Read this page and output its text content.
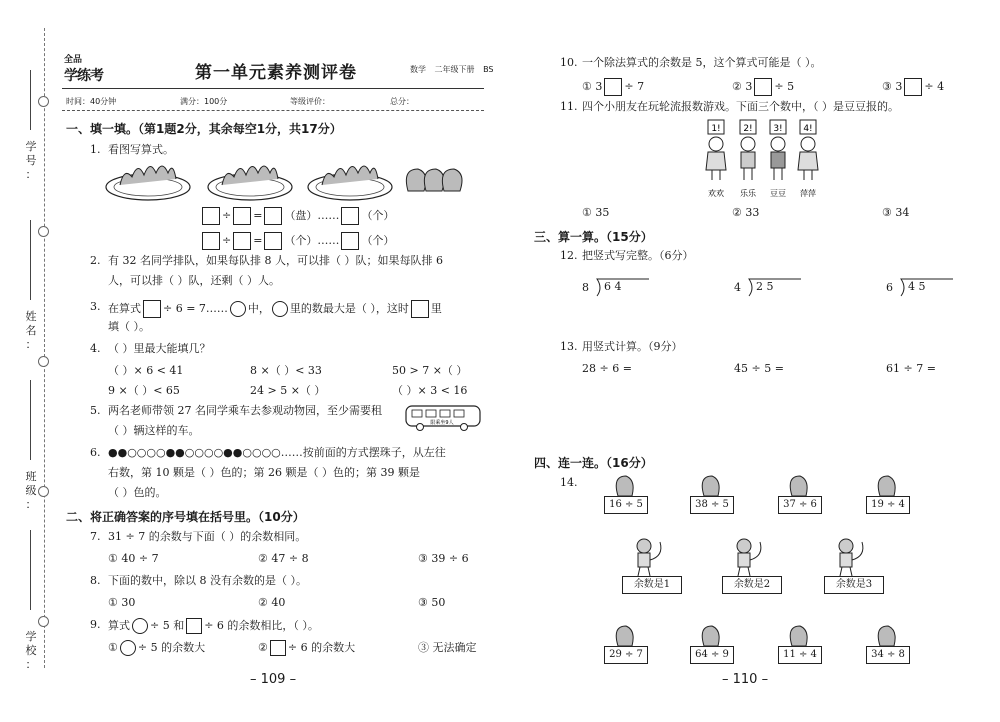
学
号
：
姓
名
：
班
级
：
学
校
：
全品
学练考	第一单元素养测评卷	数学 二年级下册 BS
时间：40分钟	满分：100分	等级评价：	总分：
一、填一填。（第1题2分，其余每空1分，共17分）
1. 看图写算式。
÷ = （盘）…… （个）
÷ = （个）…… （个）
2. 有 32 名同学排队，如果每队排 8 人，可以排（ ）队；如果每队排 6
人，可以排（ ）队，还剩（ ）人。
3. 在算式 ÷ 6 = 7…… 中， 里的数最大是（ ），这时 里
填（ ）。
4. （ ）里最大能填几？
（ ）× 6 < 41	8 ×（ ）< 33	50 > 7 ×（ ）
9 ×（ ）< 65	24 > 5 ×（ ）	（ ）× 3 < 16
5. 两名老师带领 27 名同学乘车去参观动物园，至少需要租
（ ）辆这样的车。
限乘坐9人
6. ●●○○○○●●○○○○●●○○○○……按前面的方式摆珠子，从左往
右数，第 10 颗是（ ）色的；第 26 颗是（ ）色的；第 39 颗是
（ ）色的。
二、将正确答案的序号填在括号里。（10分）
7. 31 ÷ 7 的余数与下面（ ）的余数相同。
① 40 ÷ 7	② 47 ÷ 8	③ 39 ÷ 6
8. 下面的数中，除以 8 没有余数的是（ ）。
① 30	② 40	③ 50
9. 算式 ÷ 5 和 ÷ 6 的余数相比，（ ）。
① ÷ 5 的余数大	② ÷ 6 的余数大	③ 无法确定
– 109 –
10. 一个除法算式的余数是 5，这个算式可能是（ ）。
① 3 ÷ 7	② 3 ÷ 5	③ 3 ÷ 4
11. 四个小朋友在玩轮流报数游戏。下面三个数中，（ ）是豆豆报的。
1!
欢欢
2!
乐乐
3!
豆豆
4!
萍萍
① 35	② 33	③ 34
三、算一算。（15分）
12. 把竖式写完整。（6分）
8 6 4	4 2 5	6 4 5
13. 用竖式计算。（9分）
28 ÷ 6 =	45 ÷ 5 =	61 ÷ 7 =
四、连一连。（16分）
14.
16 ÷ 5	38 ÷ 5	37 ÷ 6	19 ÷ 4
余数是1	余数是2	余数是3
29 ÷ 7	64 ÷ 9	11 ÷ 4	34 ÷ 8
– 110 –
